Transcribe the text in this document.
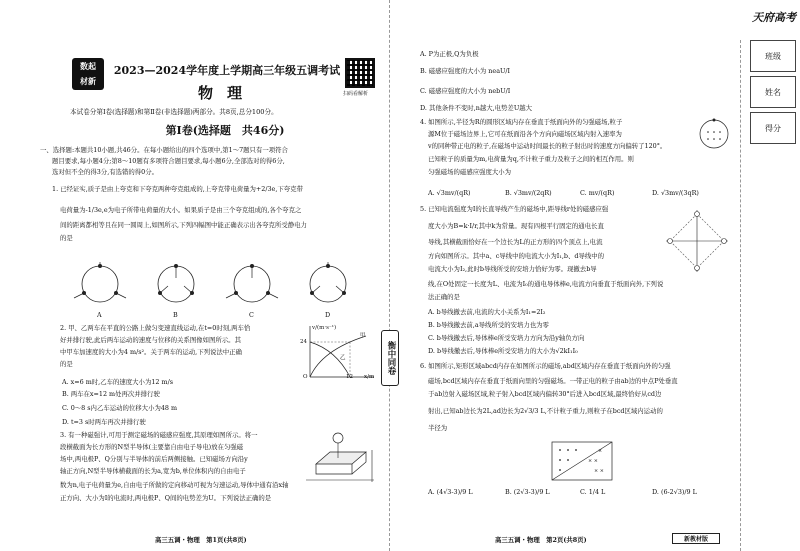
天府高考
数起
材新
2023—2024学年度上学期高三年级五调考试
物理	扫码看解析
本试卷分第Ⅰ卷(选择题)和第Ⅱ卷(非选择题)两部分。共8页,总分100分。
第Ⅰ卷(选择题　共46分)
一、选择题:本题共10小题,共46分。在每小题给出的四个选项中,第1～7题只有一项符合
题目要求,每小题4分;第8～10题有多项符合题目要求,每小题6分,全部选对的得6分,
选对但不全的得3分,有选错的得0分。
1. 已经证实,质子是由上夸克和下夸克两种夸克组成的,上夸克带电荷量为+2/3e,下夸克带
电荷量为-1/3e,e为电子所带电荷量的大小。如果质子是由三个夸克组成的,各个夸克之
间的距离都相等且在同一圆周上,如图所示,下列四幅图中能正确表示出各夸克所受静电力
的是
A	B	C	D
2. 甲、乙两车在平直的公路上做匀变速直线运动,在t=0时刻,两车恰
好并排行驶,此后两车运动的速度与位移的关系图像如图所示。其
中甲车加速度的大小为4 m/s²。关于两车的运动,下列说法中正确
的是
A. x=6 m时,乙车的速度大小为12 m/s
B. 两车在x=12 m处再次并排行驶
C. 0～8 s内乙车运动的位移大小为48 m
D. t=3 s时两车再次并排行驶
v/(m·s⁻¹)
x/m
O	12
24
甲
乙
3. 有一种磁强计,可用于测定磁场的磁感应强度,其原理如图所示。将一
段横截面为长方形的N型半导体(主要靠自由电子导电)放在匀强磁
场中,两电极P、Q分别与半导体的前后两侧接触。已知磁场方向沿y
轴正方向,N型半导体横截面的长为a,宽为b,单位体积内的自由电子
数为n,电子电荷量为e,自由电子所做的定向移动可视为匀速运动,导体中通有沿x轴
正方向、大小为I的电流时,两电极P、Q间的电势差为U。下列说法正确的是
高三五调・物理　第1页(共8页)
衡中同卷
A. P为正极,Q为负极
B. 磁感应强度的大小为 neaU/I
C. 磁感应强度的大小为 nebU/I
D. 其他条件不变时,n越大,电势差U越大
4. 如图所示,半径为R的圆形区域内存在垂直于纸面向外的匀强磁场,粒子
源M位于磁场边界上,它可在纸面沿各个方向向磁场区域内射入速率为
v的同种带正电的粒子,在磁场中运动时间最长的粒子射出时的速度方向偏转了120°。
已知粒子的质量为m,电荷量为q,不计粒子重力及粒子之间的相互作用。则
匀强磁场的磁感应强度大小为
A. √3mv/(qR)	B. √3mv/(2qR)	C. mv/(qR)	D. √3mv/(3qR)
5. 已知电流强度为I的长直导线产生的磁场中,距导线r处的磁感应强
度大小为B=k·I/r,其中k为常量。现有四根平行固定的通电长直
导线,其横截面恰好在一个边长为L的正方形的四个顶点上,电流
方向如图所示。其中a、c导线中的电流大小为I₁,b、d导线中的
电流大小为I₂,此时b导线所受的安培力恰好为零。现撤去b导
线,在O处固定一长度为L、电流为I₀的通电导体棒e,电流方向垂直于纸面向外,下列说
法正确的是
A. b导线撤去前,电流的大小关系为I₁=2I₂
B. b导线撤去前,a导线所受的安培力也为零
C. b导线撤去后,导体棒e所受安培力方向为沿y轴负方向
D. b导线撤去后,导体棒e所受安培力的大小为√2kI₁I₀
6. 如图所示,矩形区域abcd内存在如图所示的磁场,abd区域内存在垂直于纸面向外的匀强
磁场,bcd区域内存在垂直于纸面向里的匀强磁场。一带正电的粒子由ab边的中点P处垂直
于ab边射入磁场区域,粒子射入bcd区域内偏转30°后进入bcd区域,最终恰好从cd边
射出,已知ab边长为2L,ad边长为2√3/3 L,不计粒子重力,则粒子在bcd区域内运动的
半径为
× ×
× ×
×
A. (4√3-3)/9 L	B. (2√3-3)/9 L	C. 1/4 L	D. (6-2√3)/9 L
高三五调・物理　第2页(共8页)	新教材版
班级
姓名
得分
